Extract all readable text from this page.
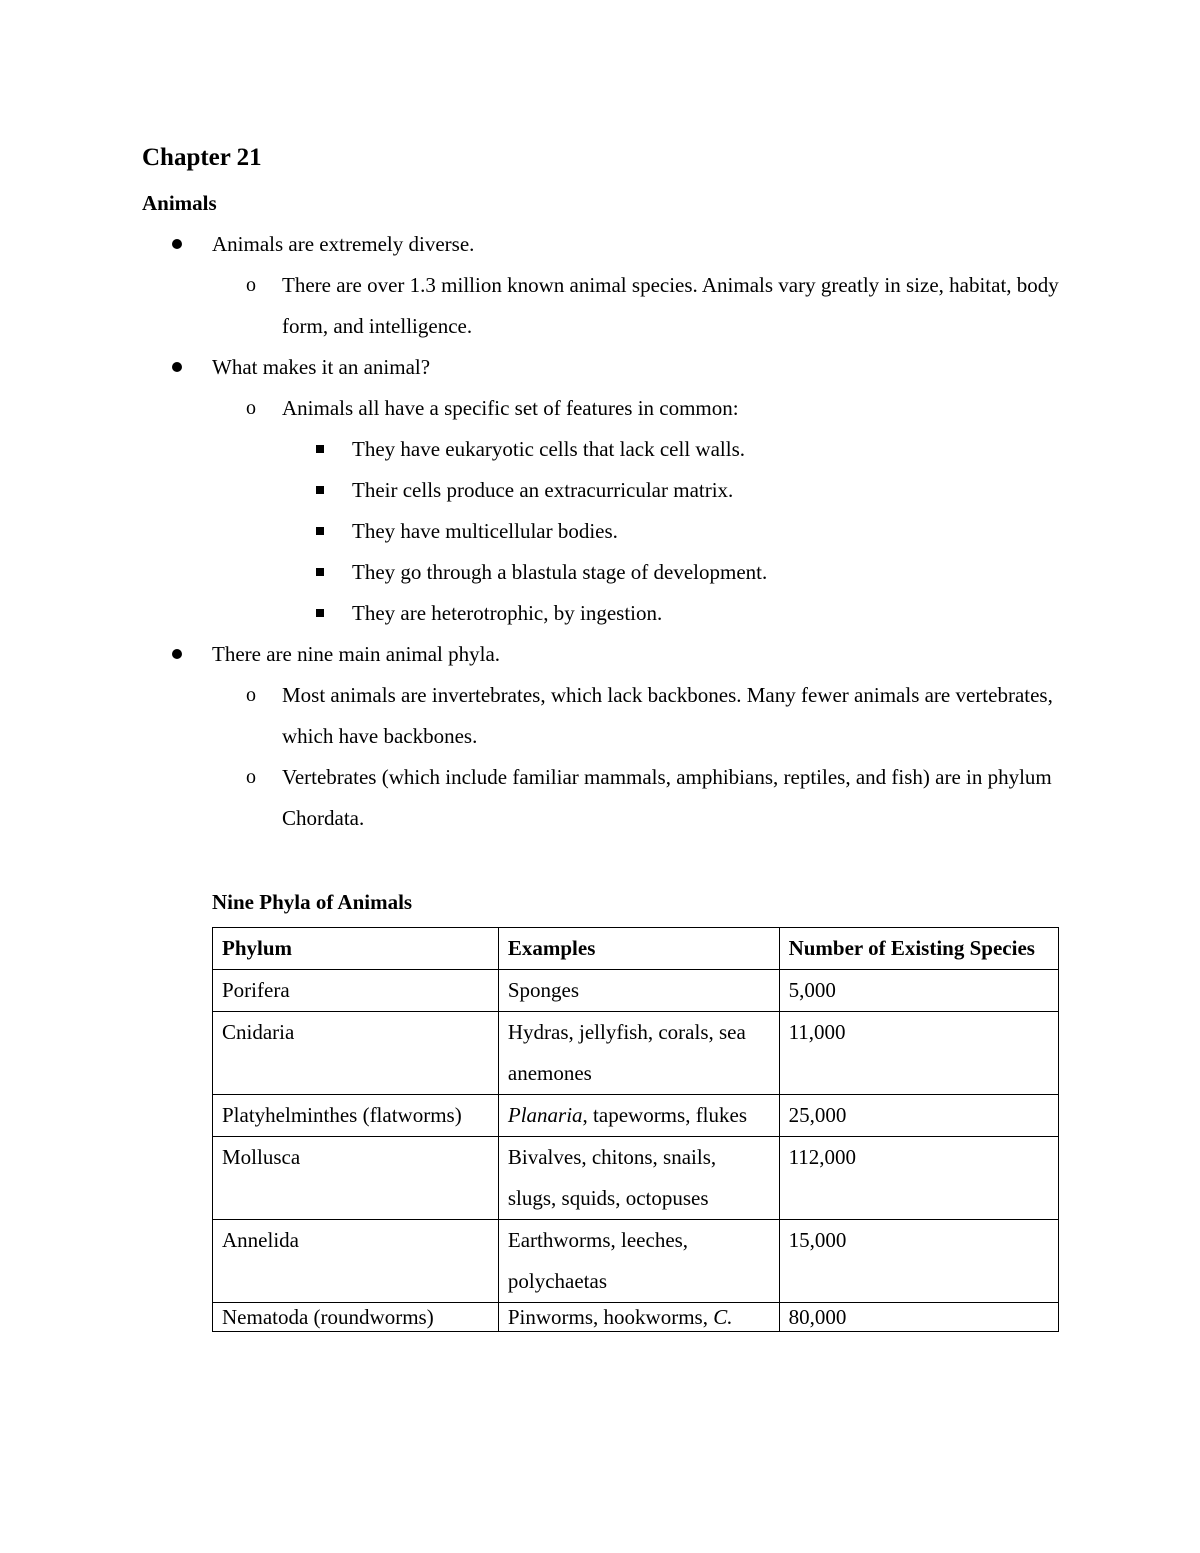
Chapter 21
Animals
Animals are extremely diverse.
o There are over 1.3 million known animal species. Animals vary greatly in size, habitat, body form, and intelligence.
What makes it an animal?
o Animals all have a specific set of features in common:
They have eukaryotic cells that lack cell walls.
Their cells produce an extracurricular matrix.
They have multicellular bodies.
They go through a blastula stage of development.
They are heterotrophic, by ingestion.
There are nine main animal phyla.
o Most animals are invertebrates, which lack backbones. Many fewer animals are vertebrates, which have backbones.
o Vertebrates (which include familiar mammals, amphibians, reptiles, and fish) are in phylum Chordata.
Nine Phyla of Animals
Phylum	Examples	Number of Existing Species
Porifera	Sponges	5,000
Cnidaria	Hydras, jellyfish, corals, sea anemones	11,000
Platyhelminthes (flatworms)	Planaria, tapeworms, flukes	25,000
Mollusca	Bivalves, chitons, snails, slugs, squids, octopuses	112,000
Annelida	Earthworms, leeches, polychaetas	15,000
Nematoda (roundworms)	Pinworms, hookworms, C.	80,000
